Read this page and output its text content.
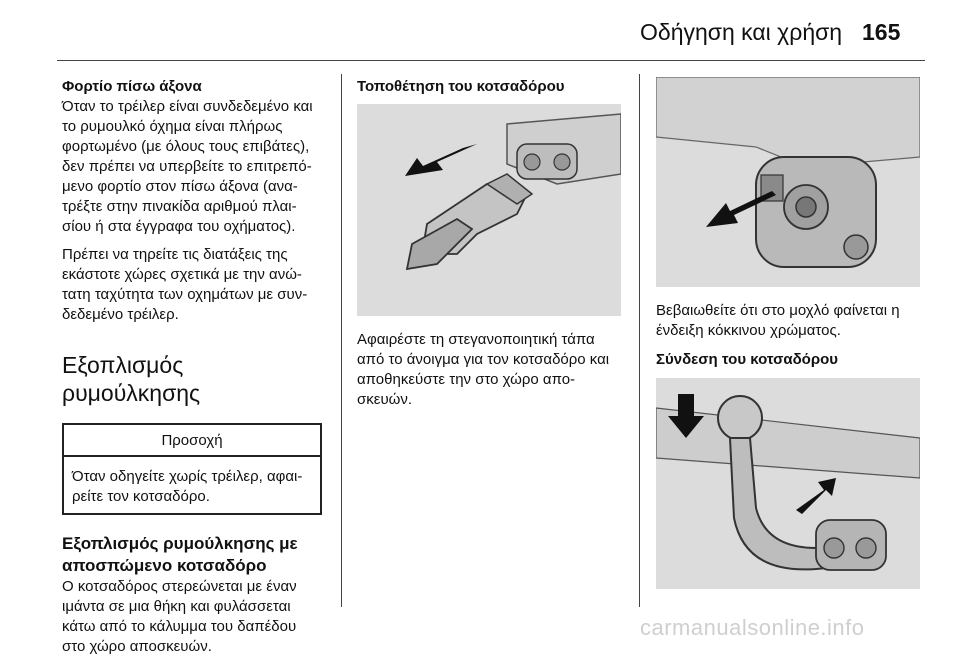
Οδήγηση και χρήση 165
Φορτίο πίσω άξονα
Όταν το τρέιλερ είναι συνδεδεμένο και
το ρυμουλκό όχημα είναι πλήρως
φορτωμένο (με όλους τους επιβάτες),
δεν πρέπει να υπερβείτε το επιτρεπό-
μενο φορτίο στον πίσω άξονα (ανα-
τρέξτε στην πινακίδα αριθμού πλαι-
σίου ή στα έγγραφα του οχήματος).
Πρέπει να τηρείτε τις διατάξεις της
εκάστοτε χώρες σχετικά με την ανώ-
τατη ταχύτητα των οχημάτων με συν-
δεδεμένο τρέιλερ.
Εξοπλισμός ρυμούλκησης
Προσοχή
Όταν οδηγείτε χωρίς τρέιλερ, αφαι-
ρείτε τον κοτσαδόρο.
Εξοπλισμός ρυμούλκησης με
αποσπώμενο κοτσαδόρο
Ο κοτσαδόρος στερεώνεται με έναν
ιμάντα σε μια θήκη και φυλάσσεται
κάτω από το κάλυμμα του δαπέδου
στο χώρο αποσκευών.
Τοποθέτηση του κοτσαδόρου
Αφαιρέστε τη στεγανοποιητική τάπα
από το άνοιγμα για τον κοτσαδόρο και
αποθηκεύστε την στο χώρο απο-
σκευών.
Βεβαιωθείτε ότι στο μοχλό φαίνεται η
ένδειξη κόκκινου χρώματος.
Σύνδεση του κοτσαδόρου
carmanualsonline.info
